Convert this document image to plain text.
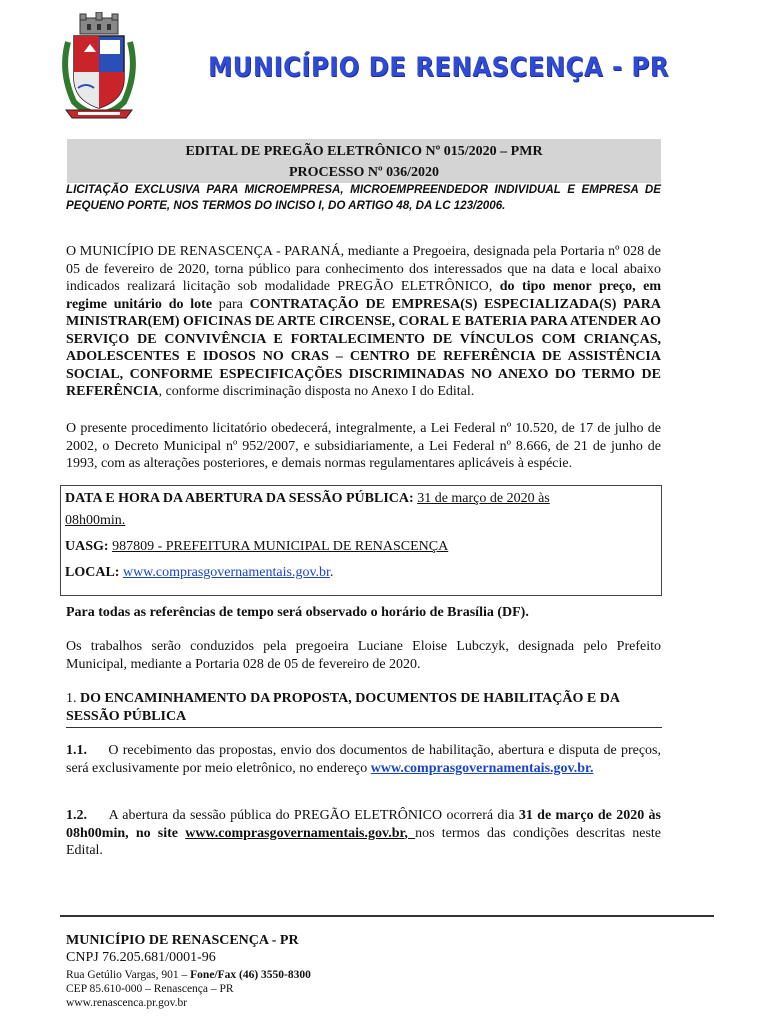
MUNICÍPIO DE RENASCENÇA - PR
EDITAL DE PREGÃO ELETRÔNICO Nº 015/2020 – PMR
PROCESSO Nº 036/2020
LICITAÇÃO EXCLUSIVA PARA MICROEMPRESA, MICROEMPREENDEDOR INDIVIDUAL E EMPRESA DE PEQUENO PORTE, NOS TERMOS DO INCISO I, DO ARTIGO 48, DA LC 123/2006.
O MUNICÍPIO DE RENASCENÇA - PARANÁ, mediante a Pregoeira, designada pela Portaria nº 028 de 05 de fevereiro de 2020, torna público para conhecimento dos interessados que na data e local abaixo indicados realizará licitação sob modalidade PREGÃO ELETRÔNICO, do tipo menor preço, em regime unitário do lote para CONTRATAÇÃO DE EMPRESA(S) ESPECIALIZADA(S) PARA MINISTRAR(EM) OFICINAS DE ARTE CIRCENSE, CORAL E BATERIA PARA ATENDER AO SERVIÇO DE CONVIVÊNCIA E FORTALECIMENTO DE VÍNCULOS COM CRIANÇAS, ADOLESCENTES E IDOSOS NO CRAS – CENTRO DE REFERÊNCIA DE ASSISTÊNCIA SOCIAL, CONFORME ESPECIFICAÇÕES DISCRIMINADAS NO ANEXO DO TERMO DE REFERÊNCIA, conforme discriminação disposta no Anexo I do Edital.
O presente procedimento licitatório obedecerá, integralmente, a Lei Federal nº 10.520, de 17 de julho de 2002, o Decreto Municipal nº 952/2007, e subsidiariamente, a Lei Federal nº 8.666, de 21 de junho de 1993, com as alterações posteriores, e demais normas regulamentares aplicáveis à espécie.
DATA E HORA DA ABERTURA DA SESSÃO PÚBLICA: 31 de março de 2020 às
08h00min.
UASG: 987809 - PREFEITURA MUNICIPAL DE RENASCENÇA
LOCAL: www.comprasgovernamentais.gov.br.
Para todas as referências de tempo será observado o horário de Brasília (DF).
Os trabalhos serão conduzidos pela pregoeira Luciane Eloise Lubczyk, designada pelo Prefeito Municipal, mediante a Portaria 028 de 05 de fevereiro de 2020.
1. DO ENCAMINHAMENTO DA PROPOSTA, DOCUMENTOS DE HABILITAÇÃO E DA SESSÃO PÚBLICA
1.1. O recebimento das propostas, envio dos documentos de habilitação, abertura e disputa de preços, será exclusivamente por meio eletrônico, no endereço www.comprasgovernamentais.gov.br.
1.2. A abertura da sessão pública do PREGÃO ELETRÔNICO ocorrerá dia 31 de março de 2020 às 08h00min, no site www.comprasgovernamentais.gov.br, nos termos das condições descritas neste Edital.
MUNICÍPIO DE RENASCENÇA - PR
CNPJ 76.205.681/0001-96
Rua Getúlio Vargas, 901 – Fone/Fax (46) 3550-8300
CEP 85.610-000 – Renascença – PR
www.renascenca.pr.gov.br
